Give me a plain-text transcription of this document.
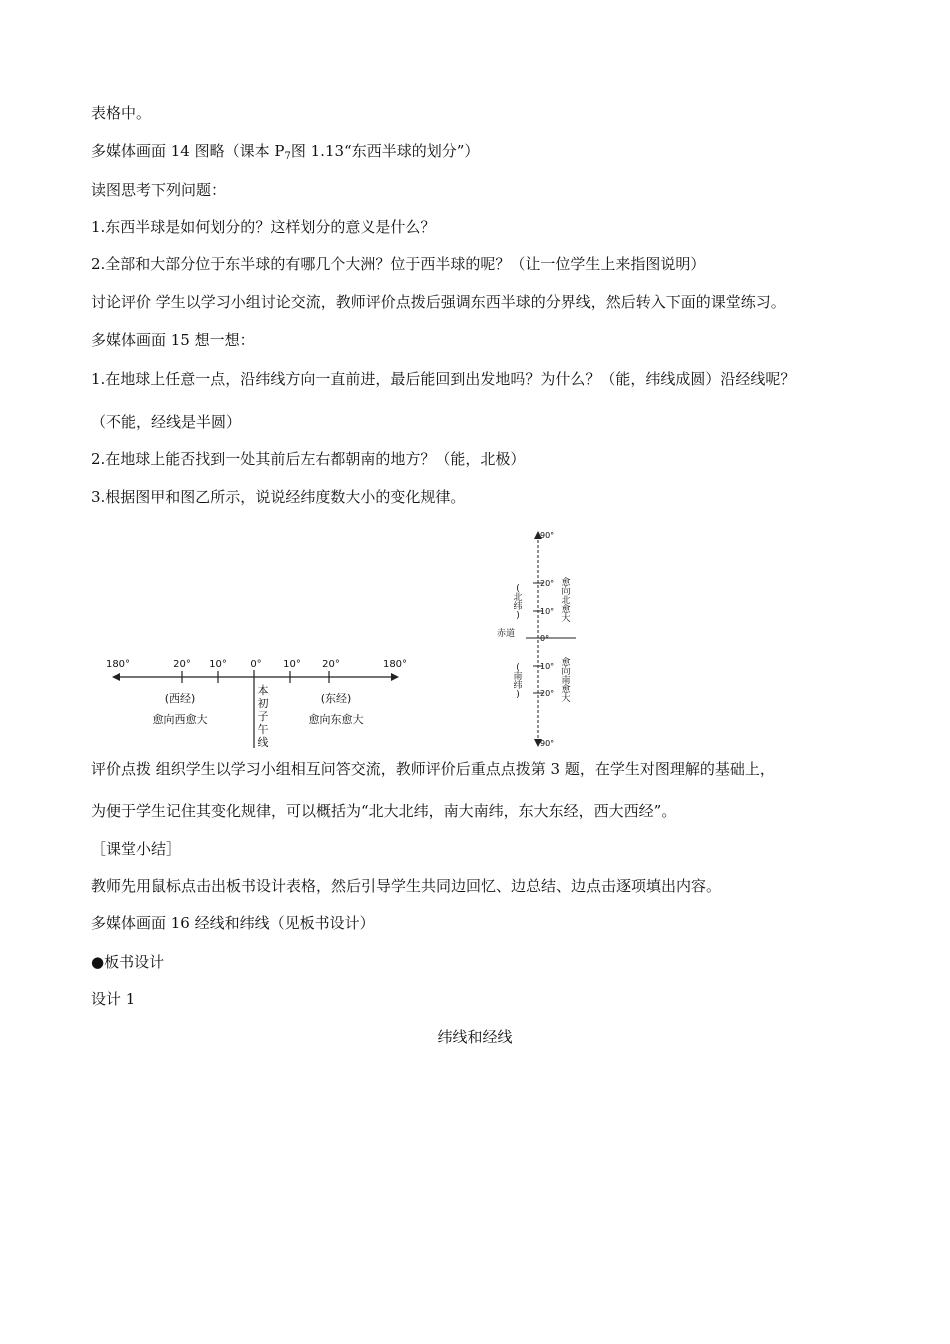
表格中。
多媒体画面 14 图略（课本 $P_7$图 1.13“东西半球的划分”）
读图思考下列问题：
1.东西半球是如何划分的？这样划分的意义是什么？
2.全部和大部分位于东半球的有哪几个大洲？位于西半球的呢？（让一位学生上来指图说明）
讨论评价 学生以学习小组讨论交流，教师评价点拨后强调东西半球的分界线，然后转入下面的课堂练习。
多媒体画面 15 想一想：
1.在地球上任意一点，沿纬线方向一直前进，最后能回到出发地吗？为什么？（能，纬线成圆）沿经线呢？
（不能，经线是半圆）
2.在地球上能否找到一处其前后左右都朝南的地方？（能，北极）
3.根据图甲和图乙所示，说说经纬度数大小的变化规律。
180°	20° 10° 0° 10° 20°	180°
(西经)
愈向西愈大
(东经)
愈向东愈大
本
初
子
午
线
90°
20°
10°
0°
10°
20°
90°
赤道
(
北
纬
)
(
南
纬
)
愈
向
北
愈
大
愈
向
南
愈
大
评价点拨 组织学生以学习小组相互问答交流，教师评价后重点点拨第 3 题，在学生对图理解的基础上，
为便于学生记住其变化规律，可以概括为“北大北纬，南大南纬，东大东经，西大西经”。
［课堂小结］
教师先用鼠标点击出板书设计表格，然后引导学生共同边回忆、边总结、边点击逐项填出内容。
多媒体画面 16 经线和纬线（见板书设计）
●板书设计
设计 1
纬线和经线
